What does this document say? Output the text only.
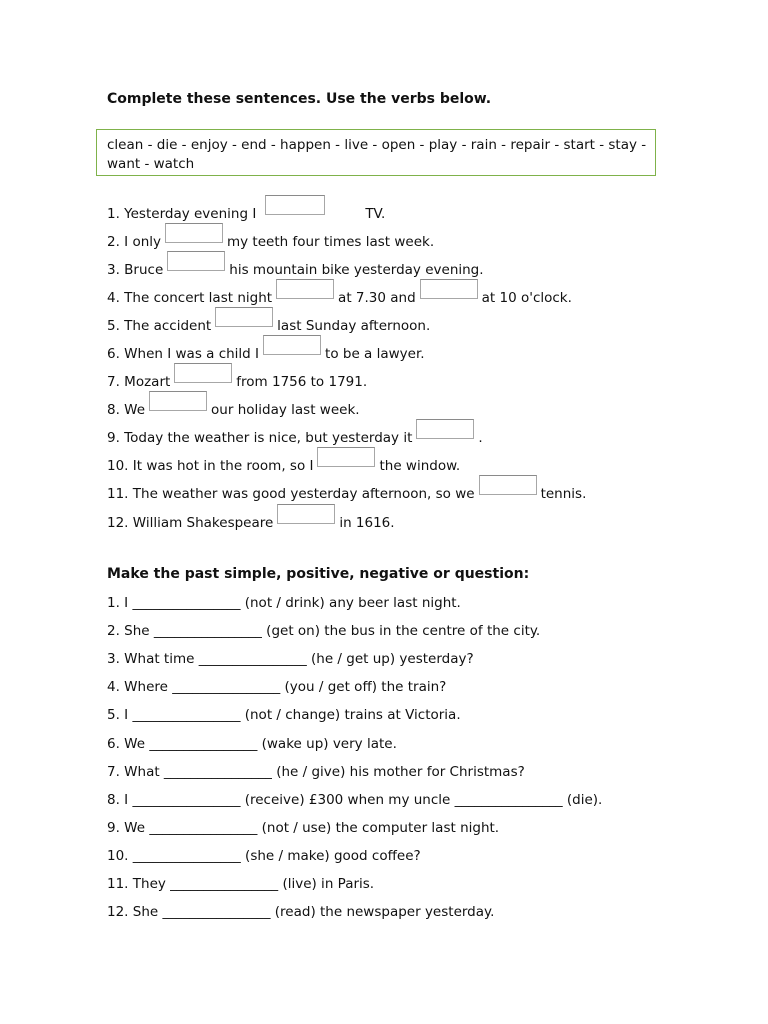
Complete these sentences. Use the verbs below.
clean - die - enjoy - end - happen - live - open - play - rain - repair - start - stay - want - watch
1. Yesterday evening I	TV.
2. I only	my teeth four times last week.
3. Bruce	his mountain bike yesterday evening.
4. The concert last night	at 7.30 and	at 10 o'clock.
5. The accident	last Sunday afternoon.
6. When I was a child I	to be a lawyer.
7. Mozart	from 1756 to 1791.
8. We	our holiday last week.
9. Today the weather is nice, but yesterday it	.
10. It was hot in the room, so I	the window.
11. The weather was good yesterday afternoon, so we	tennis.
12. William Shakespeare	in 1616.
Make the past simple, positive, negative or question:
1. I ________________ (not / drink) any beer last night.
2. She ________________ (get on) the bus in the centre of the city.
3. What time ________________ (he / get up) yesterday?
4. Where ________________ (you / get off) the train?
5. I ________________ (not / change) trains at Victoria.
6. We ________________ (wake up) very late.
7. What ________________ (he / give) his mother for Christmas?
8. I ________________ (receive) £300 when my uncle ________________ (die).
9. We ________________ (not / use) the computer last night.
10. ________________ (she / make) good coffee?
11. They ________________ (live) in Paris.
12. She ________________ (read) the newspaper yesterday.
